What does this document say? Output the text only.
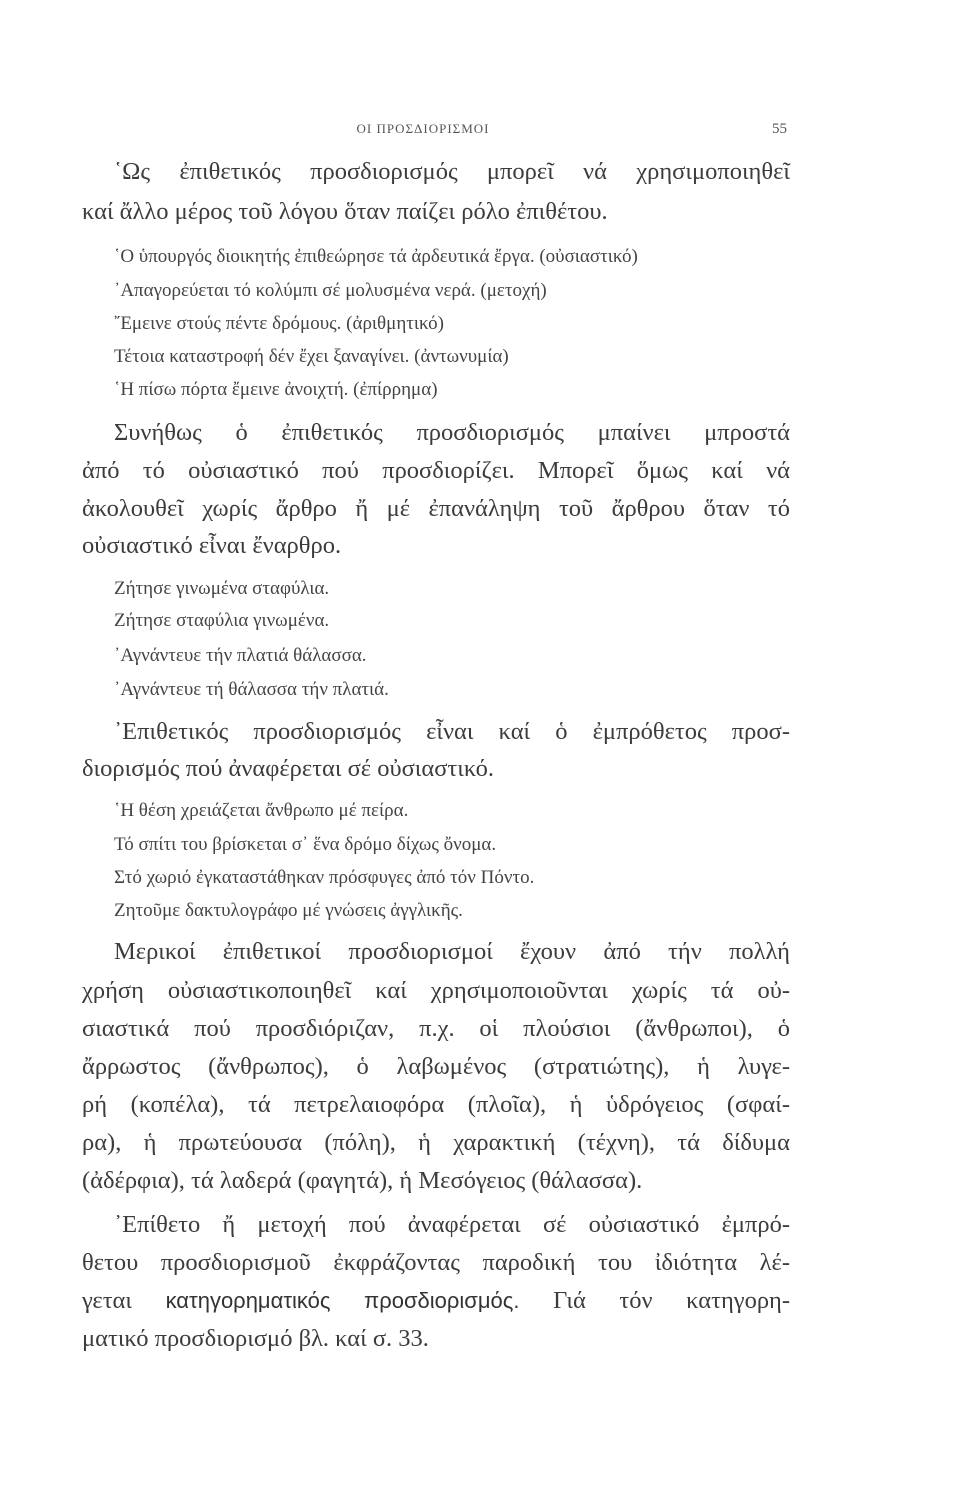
ΟΙ ΠΡΟΣΔΙΟΡΙΣΜΟΙ	55
῾Ως ἐπιθετικός προσδιορισμός μπορεῖ νά χρησιμοποιηθεῖ
καί ἄλλο μέρος τοῦ λόγου ὅταν παίζει ρόλο ἐπιθέτου.
῾Ο ὑπουργός διοικητής ἐπιθεώρησε τά ἀρδευτικά ἔργα. (οὐσιαστικό)
᾿Απαγορεύεται τό κολύμπι σέ μολυσμένα νερά. (μετοχή)
῎Εμεινε στούς πέντε δρόμους. (ἀριθμητικό)
Τέτοια καταστροφή δέν ἔχει ξαναγίνει. (ἀντωνυμία)
῾Η πίσω πόρτα ἔμεινε ἀνοιχτή. (ἐπίρρημα)
Συνήθως ὁ ἐπιθετικός προσδιορισμός μπαίνει μπροστά
ἀπό τό οὐσιαστικό πού προσδιορίζει. Μπορεῖ ὅμως καί νά
ἀκολουθεῖ χωρίς ἄρθρο ἤ μέ ἐπανάληψη τοῦ ἄρθρου ὅταν τό
οὐσιαστικό εἶναι ἔναρθρο.
Ζήτησε γινωμένα σταφύλια.
Ζήτησε σταφύλια γινωμένα.
᾿Αγνάντευε τήν πλατιά θάλασσα.
᾿Αγνάντευε τή θάλασσα τήν πλατιά.
᾿Επιθετικός προσδιορισμός εἶναι καί ὁ ἐμπρόθετος προσ-
διορισμός πού ἀναφέρεται σέ οὐσιαστικό.
῾Η θέση χρειάζεται ἄνθρωπο μέ πείρα.
Τό σπίτι του βρίσκεται σ᾿ ἕνα δρόμο δίχως ὄνομα.
Στό χωριό ἐγκαταστάθηκαν πρόσφυγες ἀπό τόν Πόντο.
Ζητοῦμε δακτυλογράφο μέ γνώσεις ἀγγλικῆς.
Μερικοί ἐπιθετικοί προσδιορισμοί ἔχουν ἀπό τήν πολλή
χρήση οὐσιαστικοποιηθεῖ καί χρησιμοποιοῦνται χωρίς τά οὐ-
σιαστικά πού προσδιόριζαν, π.χ. οἱ πλούσιοι (ἄνθρωποι), ὁ
ἄρρωστος (ἄνθρωπος), ὁ λαβωμένος (στρατιώτης), ἡ λυγε-
ρή (κοπέλα), τά πετρελαιοφόρα (πλοῖα), ἡ ὑδρόγειος (σφαί-
ρα), ἡ πρωτεύουσα (πόλη), ἡ χαρακτική (τέχνη), τά δίδυμα
(ἀδέρφια), τά λαδερά (φαγητά), ἡ Μεσόγειος (θάλασσα).
᾿Επίθετο ἤ μετοχή πού ἀναφέρεται σέ οὐσιαστικό ἐμπρό-
θετου προσδιορισμοῦ ἐκφράζοντας παροδική του ἰδιότητα λέ-
γεται κατηγορηματικός προσδιορισμός. Γιά τόν κατηγορη-
ματικό προσδιορισμό βλ. καί σ. 33.
